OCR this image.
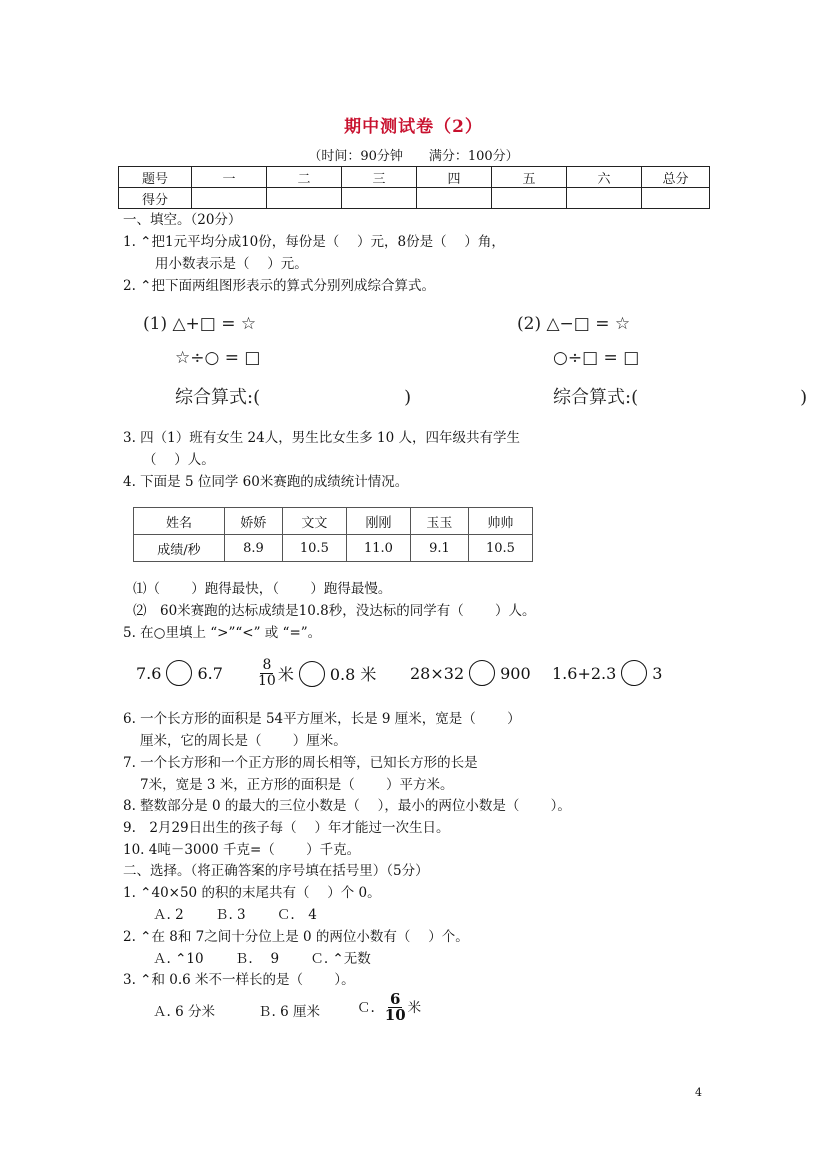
期中测试卷（2）
（时间：90分钟　　满分：100分）
题号	一	二	三	四	五	六	总分
得分							
一、填空。（20分）
1. ⌃把1元平均分成10份，每份是（　 ）元，8份是（　 ）角，
用小数表示是（　 ）元。
2. ⌃把下面两组图形表示的算式分别列成综合算式。
(1) △+□ = ☆
☆÷○ = □
综合算式:(　　　　　　　　)
(2) △−□ = ☆
○÷□ = □
综合算式:(　　　　　　　　　)
3. 四（1）班有女生 24人，男生比女生多 10 人，四年级共有学生
（　 ）人。
4. 下面是 5 位同学 60米赛跑的成绩统计情况。
姓名	娇娇	文文	刚刚	玉玉	帅帅
成绩/秒	8.9	10.5	11.0	9.1	10.5
⑴（　　 ）跑得最快，（　　 ）跑得最慢。
⑵　60米赛跑的达标成绩是10.8秒，没达标的同学有（　　 ）人。
5. 在○里填上 “>”“<” 或 “=”。
7.6 6.7	$\frac{8}{10}$ 米 0.8 米 28×32 900 1.6+2.3 3
6. 一个长方形的面积是 54平方厘米，长是 9 厘米，宽是（　　 ）
厘米，它的周长是（　　 ）厘米。
7. 一个长方形和一个正方形的周长相等，已知长方形的长是
7米，宽是 3 米，正方形的面积是（　　 ）平方米。
8. 整数部分是 0 的最大的三位小数是（　 ），最小的两位小数是（　　 ）。
9.　2月29日出生的孩子每（　 ）年才能过一次生日。
10. 4吨－3000 千克=（　　 ）千克。
二、选择。（将正确答案的序号填在括号里）（5分）
1. ⌃40×50 的积的末尾共有（　 ）个 0。
Ａ. 2　　 Ｂ. 3　　 Ｃ.　4
2. ⌃在 8和 7之间十分位上是 0 的两位小数有（　 ）个。
Ａ. ⌃10　　 Ｂ.　 9　　 Ｃ. ⌃无数
3. ⌃和 0.6 米不一样长的是（　　 ）。
Ａ. 6 分米	Ｂ. 6 厘米	Ｃ. $\frac{6}{10}$ 米
4
